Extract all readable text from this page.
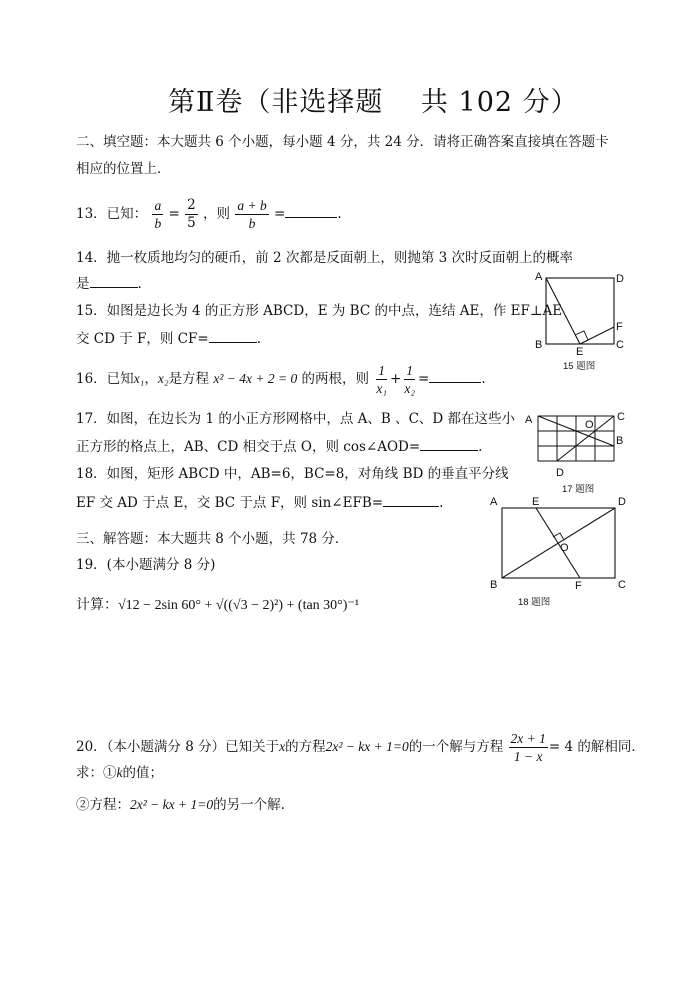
第Ⅱ卷（非选择题　 共 102 分）
二、填空题：本大题共 6 个小题，每小题 4 分，共 24 分．请将正确答案直接填在答题卡
相应的位置上．
13．已知： $\frac{a}{b} = \frac{2}{5}$ ，则 $\frac{a + b}{b}$ =	.
14．抛一枚质地均匀的硬币，前 2 次都是反面朝上，则抛第 3 次时反面朝上的概率
是	.
15．如图是边长为 4 的正方形 ABCD，E 为 BC 的中点，连结 AE，作 EF⊥AE
交 CD 于 F，则 CF=	.
16．已知x₁，x₂是方程 x² − 4x + 2 = 0 的两根，则 $\frac{1}{\text{x₁}} + \frac{1}{\text{x₂}}$ =	.
17．如图，在边长为 1 的小正方形网格中，点 A、B 、C、D 都在这些小
正方形的格点上，AB、CD 相交于点 O，则 cos∠AOD=	.
18．如图，矩形 ABCD 中，AB=6，BC=8，对角线 BD 的垂直平分线
EF 交 AD 于点 E，交 BC 于点 F，则 sin∠EFB=	.
三、解答题：本大题共 8 个小题，共 78 分．
19．(本小题满分 8 分)
计算：√12 − 2sin 60° + √((√3 − 2)²) + (tan 30°)⁻¹
20．（本小题满分 8 分）已知关于x的方程2x² − kx + 1=0的一个解与方程 $\frac{2x + 1}{1 - x} = 4$ 的解相同．
求：①k的值；
②方程：2x² − kx + 1=0的另一个解.
A	D
B	C
E
F
15 题图
A	C
B
O
D
17 题图
A	E	D
O
B	F	C
18 题图
